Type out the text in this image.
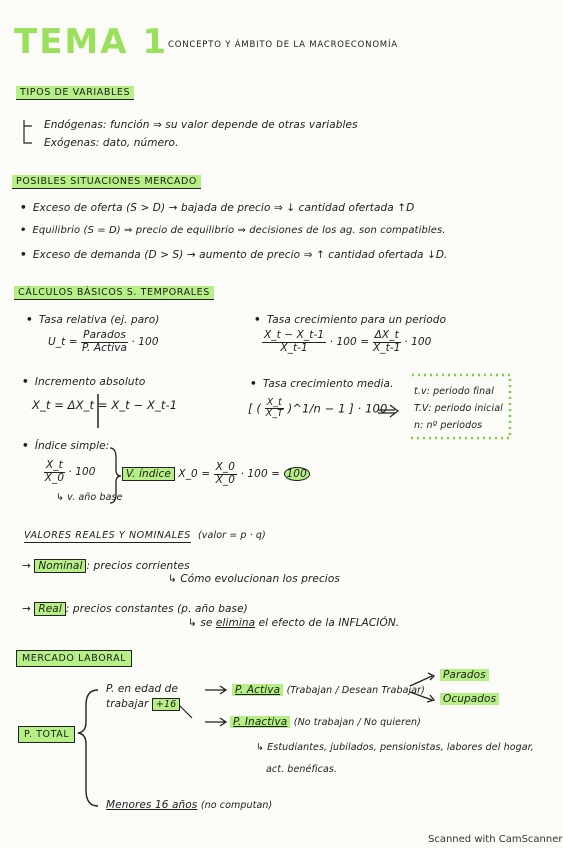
TEMA 1 CONCEPTO Y ÁMBITO DE LA MACROECONOMÍA
TIPOS DE VARIABLES
Endógenas: función ⇒ su valor depende de otras variables
Exógenas: dato, número.
POSIBLES SITUACIONES MERCADO
• Exceso de oferta (S > D) → bajada de precio ⇒ ↓ cantidad ofertada ↑D
• Equilibrio (S = D) ⇒ precio de equilibrio ⇒ decisiones de los ag. son compatibles.
• Exceso de demanda (D > S) → aumento de precio ⇒ ↑ cantidad ofertada ↓D.
CÁLCULOS BÁSICOS S. TEMPORALES
• Tasa relativa (ej. paro)
U_t = $\frac{\text{Parados}}{\text{P. Activa}} \cdot 100$
• Tasa crecimiento para un periodo
$\frac{X\_t - X\_t-1}{X\_t-1} \cdot 100 = \frac{\Delta X\_t}{X\_t-1} \cdot 100$
• Incremento absoluto
X_t = ΔX_t = X_t − X_t-1
• Tasa crecimiento media.
[ ( $\frac{X\_t}{X\_T}$ )^1/n − 1 ] · 100
t.v: periodo final
T.V: periodo inicial
n: nº periodos
• Índice simple:
$\frac{X\_t}{X\_0} \cdot 100$
↳ v. año base
V. índice X_0 = $\frac{X\_0}{X\_0} \cdot 100 = 100$
VALORES REALES Y NOMINALES (valor = p · q)
→ Nominal : precios corrientes
↳ Cómo evolucionan los precios
→ Real : precios constantes (p. año base)
↳ se elimina el efecto de la INFLACIÓN.
MERCADO LABORAL
P. TOTAL
P. en edad de
trabajar +16
P. Activa (Trabajan / Desean Trabajar)
Parados
Ocupados
P. Inactiva (No trabajan / No quieren)
↳ Estudiantes, jubilados, pensionistas, labores del hogar,
act. benéficas.
Menores 16 años (no computan)
Scanned with CamScanner
